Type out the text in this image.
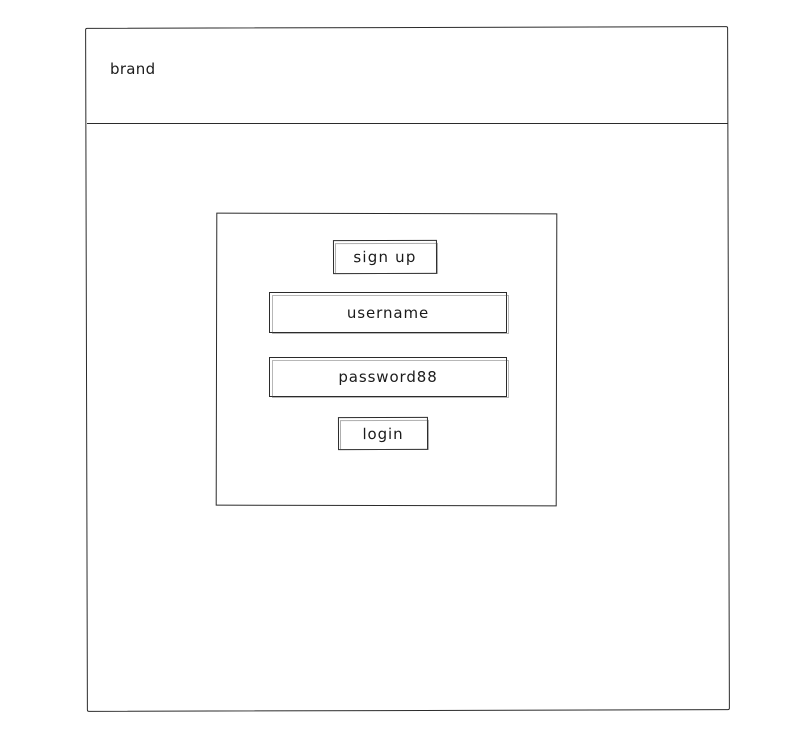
brand
sign up
username
password88
login
